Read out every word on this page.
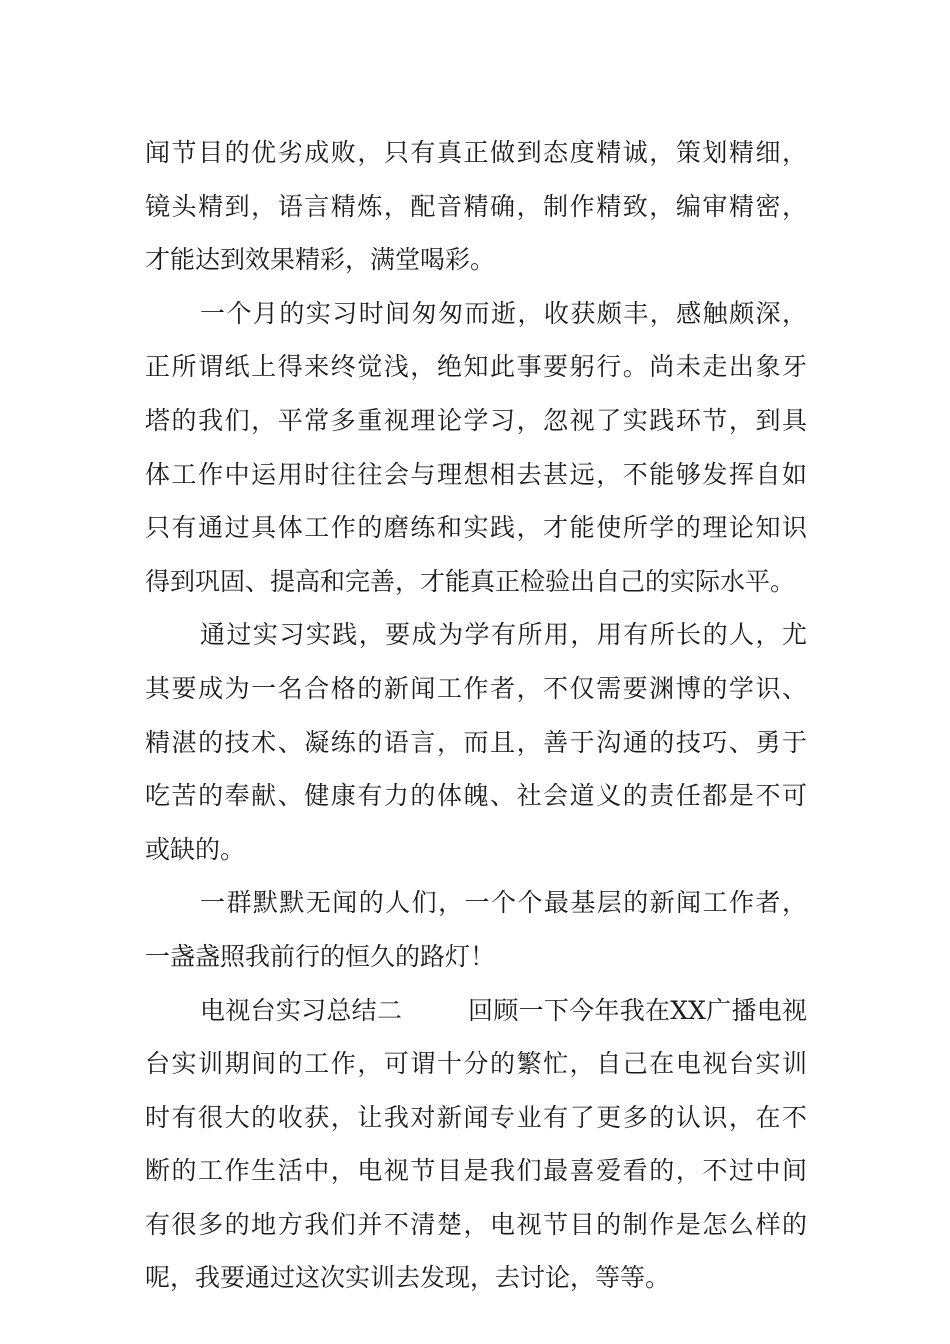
闻节目的优劣成败，只有真正做到态度精诚，策划精细，
镜头精到，语言精炼，配音精确，制作精致，编审精密，
才能达到效果精彩，满堂喝彩。
一个月的实习时间匆匆而逝，收获颇丰，感触颇深，
正所谓纸上得来终觉浅，绝知此事要躬行。尚未走出象牙
塔的我们，平常多重视理论学习，忽视了实践环节，到具
体工作中运用时往往会与理想相去甚远，不能够发挥自如
只有通过具体工作的磨练和实践，才能使所学的理论知识
得到巩固、提高和完善，才能真正检验出自己的实际水平。
通过实习实践，要成为学有所用，用有所长的人，尤
其要成为一名合格的新闻工作者，不仅需要渊博的学识、
精湛的技术、凝练的语言，而且，善于沟通的技巧、勇于
吃苦的奉献、健康有力的体魄、社会道义的责任都是不可
或缺的。
一群默默无闻的人们，一个个最基层的新闻工作者，
一盏盏照我前行的恒久的路灯！
电视台实习总结二        回顾一下今年我在XX广播电视
台实训期间的工作，可谓十分的繁忙，自己在电视台实训
时有很大的收获，让我对新闻专业有了更多的认识，在不
断的工作生活中，电视节目是我们最喜爱看的，不过中间
有很多的地方我们并不清楚，电视节目的制作是怎么样的
呢，我要通过这次实训去发现，去讨论，等等。
